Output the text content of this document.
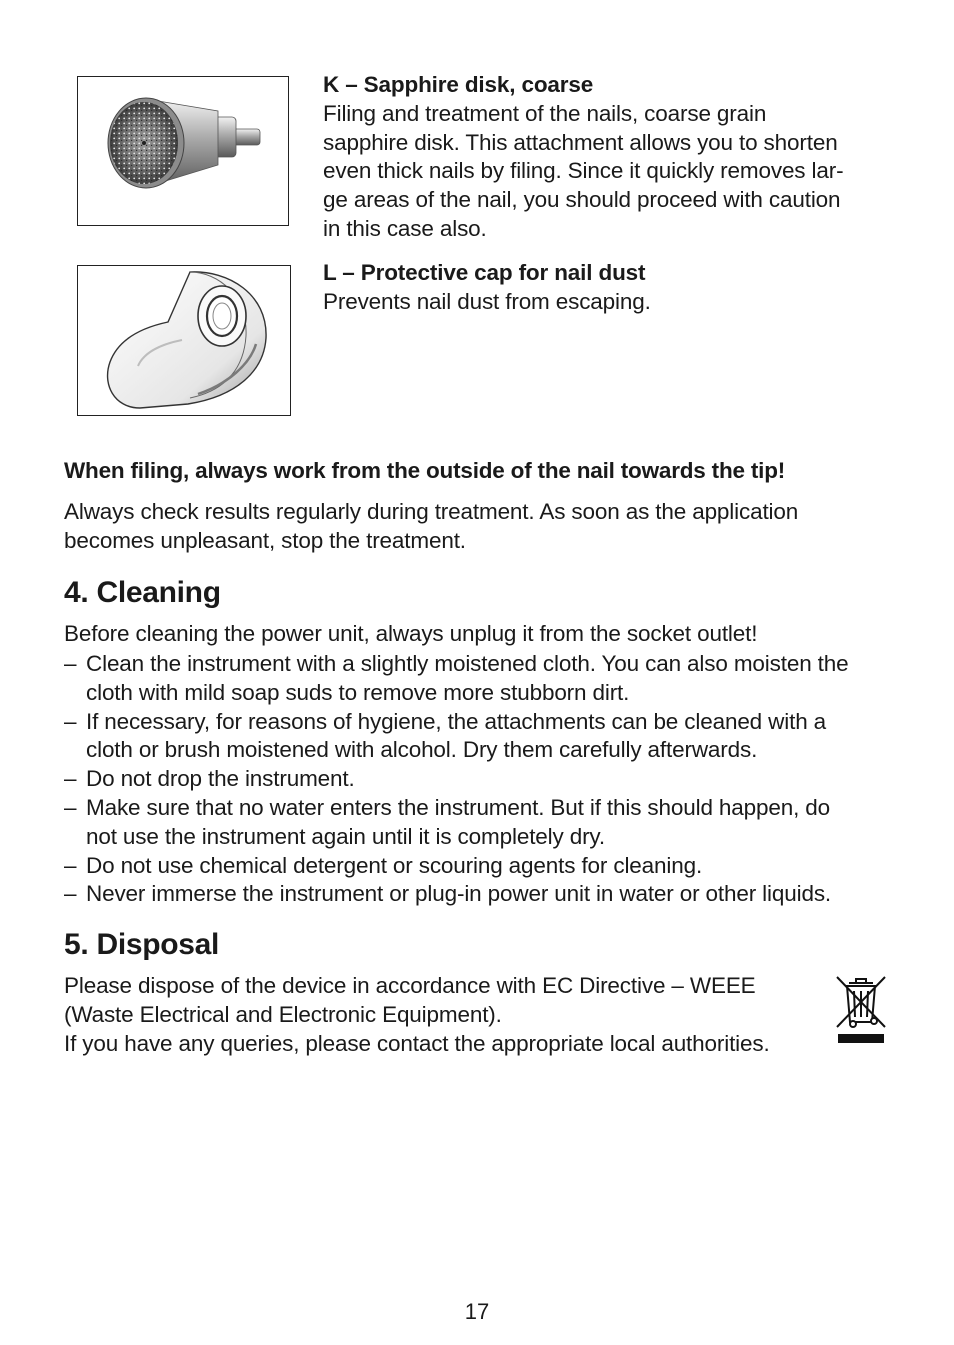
K – Sapphire disk, coarse
Filing and treatment of the nails, coarse grain
sapphire disk. This attachment allows you to shorten
even thick nails by filing. Since it quickly removes lar-
ge areas of the nail, you should proceed with caution
in this case also.
L – Protective cap for nail dust
Prevents nail dust from escaping.
When filing, always work from the outside of the nail towards the tip!
Always check results regularly during treatment. As soon as the application
becomes unpleasant, stop the treatment.
4. Cleaning
Before cleaning the power unit, always unplug it from the socket outlet!
– Clean the instrument with a slightly moistened cloth. You can also moisten the
cloth with mild soap suds to remove more stubborn dirt.
– If necessary, for reasons of hygiene, the attachments can be cleaned with a
cloth or brush moistened with alcohol. Dry them carefully afterwards.
– Do not drop the instrument.
– Make sure that no water enters the instrument. But if this should happen, do
not use the instrument again until it is completely dry.
– Do not use chemical detergent or scouring agents for cleaning.
– Never immerse the instrument or plug-in power unit in water or other liquids.
5. Disposal
Please dispose of the device in accordance with EC Directive – WEEE
(Waste Electrical and Electronic Equipment).
If you have any queries, please contact the appropriate local authorities.
17
